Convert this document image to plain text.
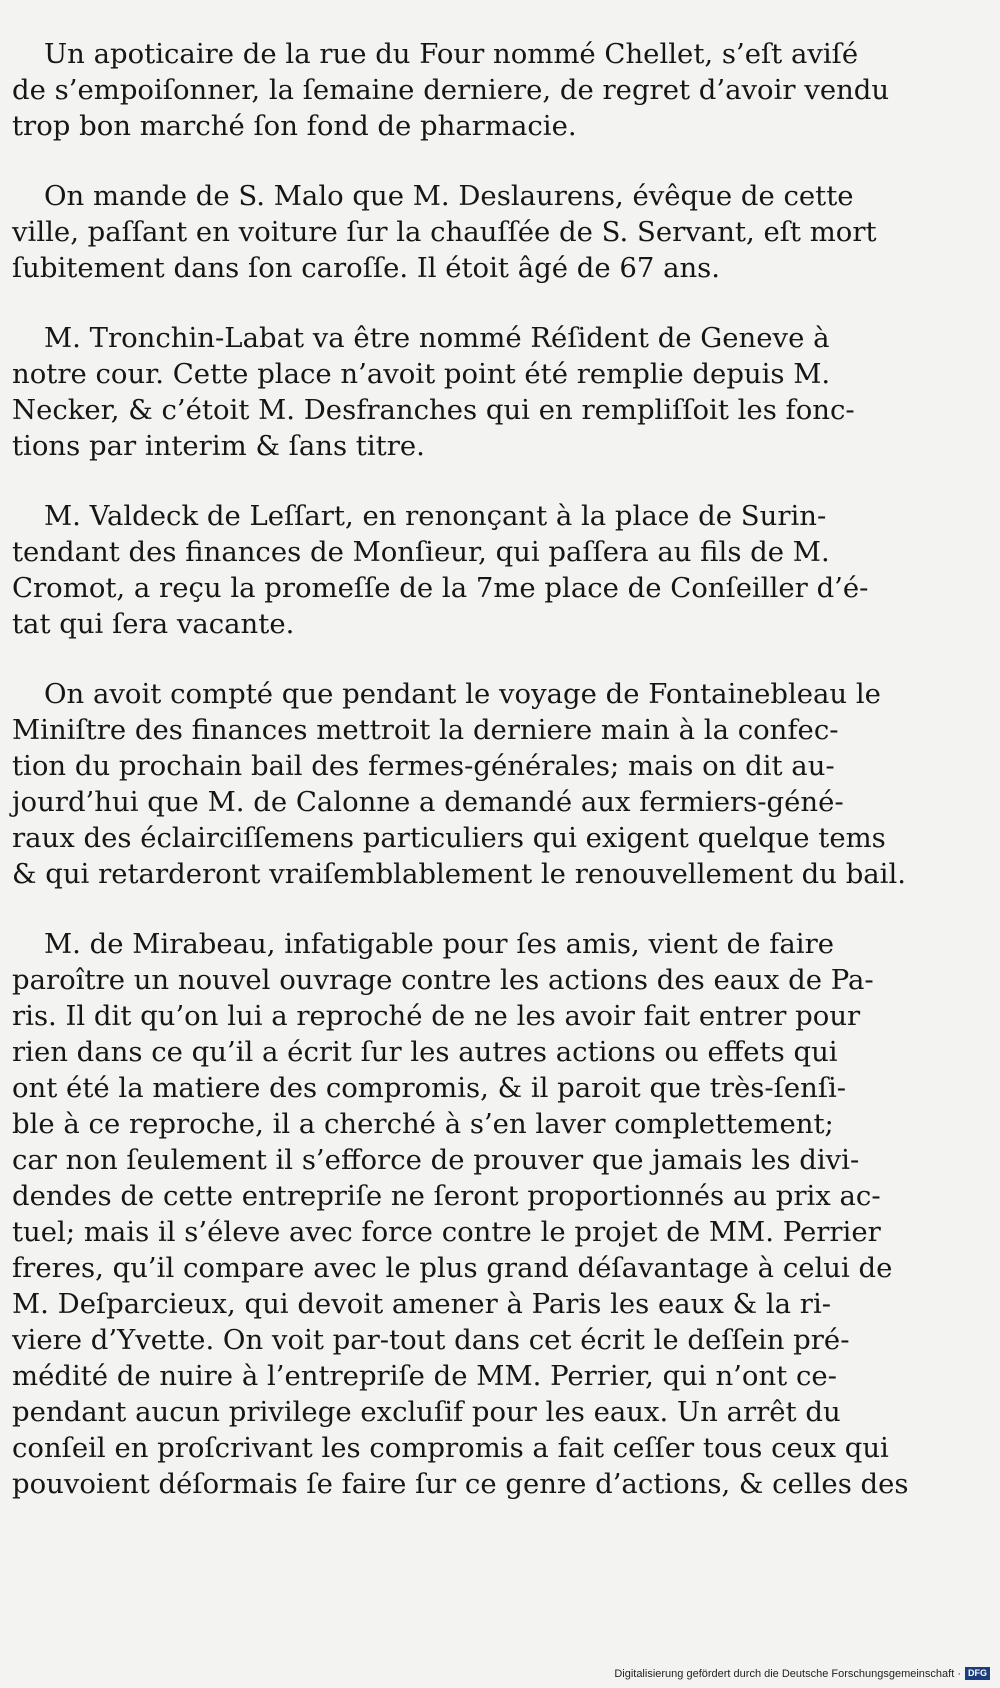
Un apoticaire de la rue du Four nommé Chellet, s’eſt aviſé
de s’empoiſonner, la ſemaine derniere, de regret d’avoir vendu
trop bon marché ſon fond de pharmacie.

On mande de S. Malo que M. Deslaurens, évêque de cette
ville, paſſant en voiture ſur la chauſſée de S. Servant, eſt mort
ſubitement dans ſon caroſſe. Il étoit âgé de 67 ans.

M. Tronchin-Labat va être nommé Réſident de Geneve à
notre cour. Cette place n’avoit point été remplie depuis M.
Necker, & c’étoit M. Desfranches qui en rempliſſoit les fonc-
tions par interim & ſans titre.

M. Valdeck de Leſſart, en renonçant à la place de Surin-
tendant des finances de Monſieur, qui paſſera au fils de M.
Cromot, a reçu la promeſſe de la 7me place de Conſeiller d’é-
tat qui ſera vacante.

On avoit compté que pendant le voyage de Fontainebleau le
Miniſtre des finances mettroit la derniere main à la confec-
tion du prochain bail des fermes-générales; mais on dit au-
jourd’hui que M. de Calonne a demandé aux fermiers-géné-
raux des éclairciſſemens particuliers qui exigent quelque tems
& qui retarderont vraiſemblablement le renouvellement du bail.

M. de Mirabeau, infatigable pour ſes amis, vient de faire
paroître un nouvel ouvrage contre les actions des eaux de Pa-
ris. Il dit qu’on lui a reproché de ne les avoir fait entrer pour
rien dans ce qu’il a écrit ſur les autres actions ou effets qui
ont été la matiere des compromis, & il paroit que très-ſenſi-
ble à ce reproche, il a cherché à s’en laver complettement;
car non ſeulement il s’efforce de prouver que jamais les divi-
dendes de cette entrepriſe ne ſeront proportionnés au prix ac-
tuel; mais il s’éleve avec force contre le projet de MM. Perrier
freres, qu’il compare avec le plus grand déſavantage à celui de
M. Deſparcieux, qui devoit amener à Paris les eaux & la ri-
viere d’Yvette. On voit par-tout dans cet écrit le deſſein pré-
médité de nuire à l’entrepriſe de MM. Perrier, qui n’ont ce-
pendant aucun privilege excluſif pour les eaux. Un arrêt du
conſeil en proſcrivant les compromis a fait ceſſer tous ceux qui
pouvoient déſormais ſe faire ſur ce genre d’actions, & celles des

Digitalisierung gefördert durch die Deutsche Forschungsgemeinschaft · DFG
